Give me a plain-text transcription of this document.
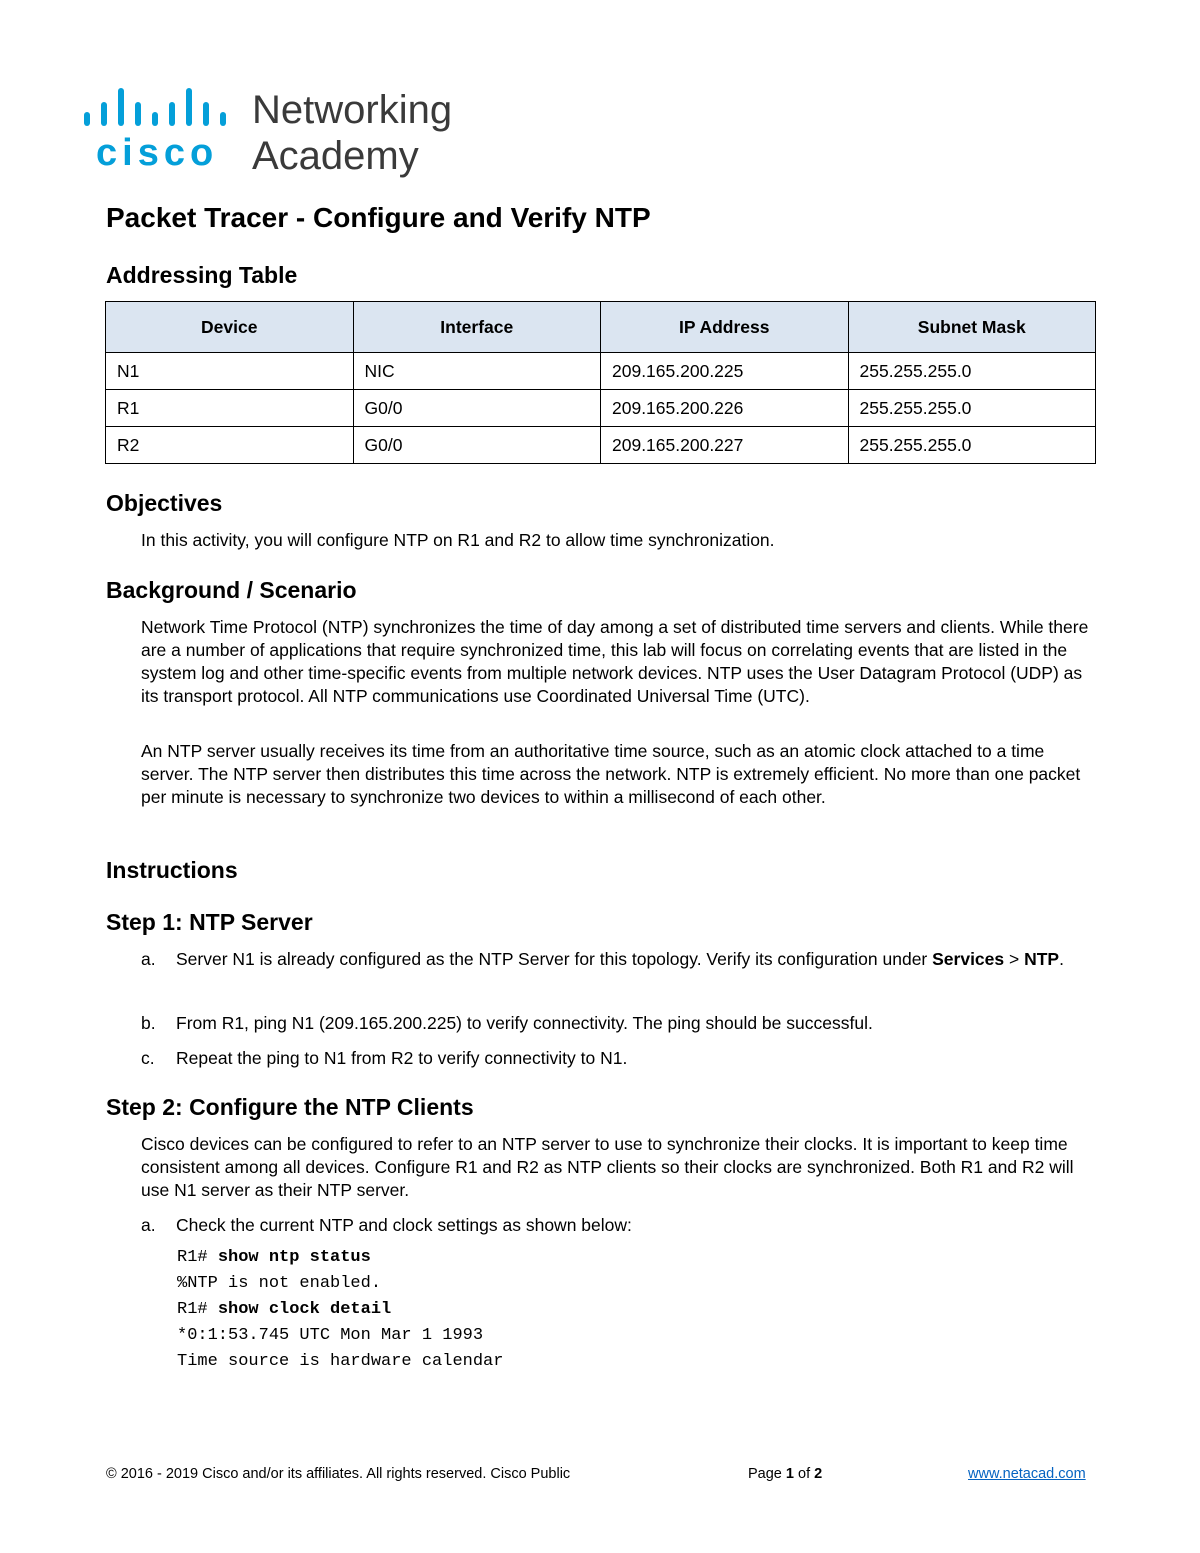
cisco
Networking
Academy
Packet Tracer - Configure and Verify NTP
Addressing Table
Device	Interface	IP Address	Subnet Mask
N1	NIC	209.165.200.225	255.255.255.0
R1	G0/0	209.165.200.226	255.255.255.0
R2	G0/0	209.165.200.227	255.255.255.0
Objectives

In this activity, you will configure NTP on R1 and R2 to allow time synchronization.

Background / Scenario

Network Time Protocol (NTP) synchronizes the time of day among a set of distributed time servers and clients. While there are a number of applications that require synchronized time, this lab will focus on correlating events that are listed in the system log and other time-specific events from multiple network devices. NTP uses the User Datagram Protocol (UDP) as its transport protocol. All NTP communications use Coordinated Universal Time (UTC).

An NTP server usually receives its time from an authoritative time source, such as an atomic clock attached to a time server. The NTP server then distributes this time across the network. NTP is extremely efficient. No more than one packet per minute is necessary to synchronize two devices to within a millisecond of each other.

Instructions
Step 1: NTP Server
a. Server N1 is already configured as the NTP Server for this topology. Verify its configuration under Services > NTP.
b. From R1, ping N1 (209.165.200.225) to verify connectivity. The ping should be successful.
c. Repeat the ping to N1 from R2 to verify connectivity to N1.
Step 2: Configure the NTP Clients

Cisco devices can be configured to refer to an NTP server to use to synchronize their clocks. It is important to keep time consistent among all devices. Configure R1 and R2 as NTP clients so their clocks are synchronized. Both R1 and R2 will use N1 server as their NTP server.

a. Check the current NTP and clock settings as shown below:
R1# show ntp status
%NTP is not enabled.
R1# show clock detail
*0:1:53.745 UTC Mon Mar 1 1993
Time source is hardware calendar
© 2016 - 2019 Cisco and/or its affiliates. All rights reserved. Cisco Public	Page 1 of 2	www.netacad.com
